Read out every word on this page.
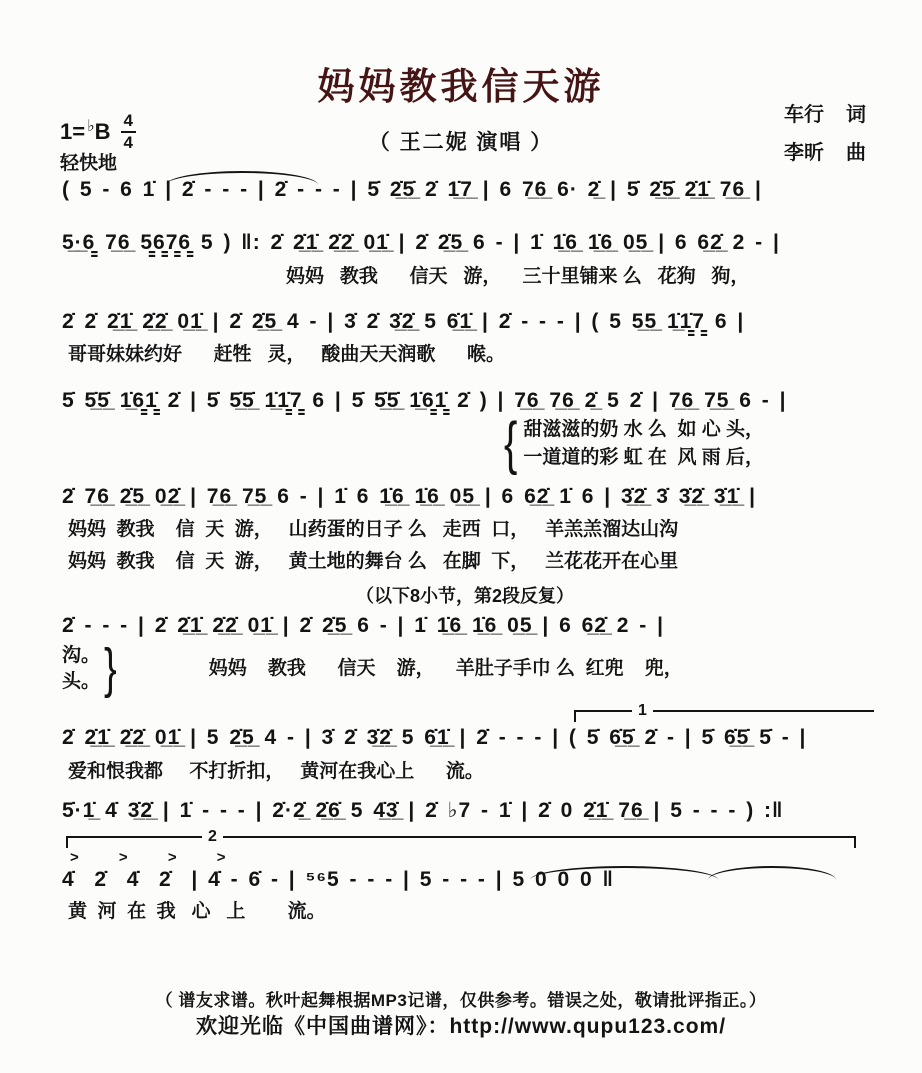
妈妈教我信天游
（ 王二妮 演唱 ）
车行 词
李昕 曲
1= ♭ B $\frac{4}{4}$
轻快地

( 5 - 6 1̇ | 2̇ - - - | 2̇ - - - | 5̇ 2̲̇5̲̇ 2̇ 1̲̇7̲ | 6 7̲6̲ 6· 2̲̇ | 5̇ 2̲̇5̲̇ 2̲̇1̲̇ 7̲6̲ |

5̲·̲6̳ 7̲6̲ 5̳6̳7̳6̳ 5 ) ‖: 2̇ 2̲̇1̲̇ 2̲̇2̲̇ 0̲1̲̇ | 2̇ 2̲̇5̲ 6 - | 1̇ 1̲̇6̲ 1̲̇6̲ 0̲5̲ | 6 6̲2̲̇ 2 - |

妈妈   教我      信天   游，    三十里铺来 么   花狗   狗，

2̇ 2̇ 2̲̇1̲̇ 2̲̇2̲̇ 0̲1̲̇ | 2̇ 2̲̇5̲ 4 - | 3̇ 2̇ 3̲̇2̲̇ 5 6̲̇1̲̇ | 2̇ - - - | ( 5 5̲5̲ 1̲̇1̳̇7̳ 6 |

哥哥妹妹约好      赶牲   灵，   酸曲天天润歌      喉。

5̇ 5̲̇5̲̇ 1̲̇6̳1̳̇ 2̇ | 5̇ 5̲̇5̲̇ 1̲̇1̳̇7̳ 6 | 5̇ 5̲̇5̲̇ 1̲̇6̳1̳̇ 2̇ ) | 7̲6̲ 7̲6̲ 2̲̇ 5 2̇ | 7̲6̲ 7̲5̲ 6 - |

{ 甜滋滋的奶 水 么  如 心 头，

一道道的彩 虹 在  风 雨 后，

2̇ 7̲6̲ 2̲̇5̲ 0̲2̲̇ | 7̲6̲ 7̲5̲ 6 - | 1̇ 6 1̲̇6̲ 1̲̇6̲ 0̲5̲ | 6 6̲2̲̇ 1̇ 6 | 3̲̇2̲̇ 3̇ 3̲̇2̲̇ 3̲̇1̲̇ |

妈妈  教我    信  天  游，   山药蛋的日子 么   走西  口，   羊羔羔溜达山沟

妈妈  教我    信  天  游，   黄土地的舞台 么   在脚  下，   兰花花开在心里

（以下8小节，第2段反复）

2̇ - - - | 2̇ 2̲̇1̲̇ 2̲̇2̲̇ 0̲1̲̇ | 2̇ 2̲̇5̲ 6 - | 1̇ 1̲̇6̲ 1̲̇6̲ 0̲5̲ | 6 6̲2̲̇ 2 - |

沟。
头。 }	妈妈    教我      信天    游，    羊肚子手巾 么  红兜    兜，

1

2̇ 2̲̇1̲̇ 2̲̇2̲̇ 0̲1̲̇ | 5 2̲̇5̲ 4 - | 3̇ 2̇ 3̲̇2̲̇ 5 6̲̇1̲̇ | 2̇ - - - | ( 5̇ 6̲̇5̲̇ 2̇ - | 5̇ 6̲̇5̲̇ 5̇ - |

爱和恨我都     不打折扣，   黄河在我心上      流。

5̇·1̲̇ 4̇ 3̲̇2̲̇ | 1̇ - - - | 2̇·2̲̇ 2̲̇6̲̇ 5 4̲̇3̲̇ | 2̇ ♭7 - 1̇ | 2̇ 0 2̲̇1̲̇ 7̲6̲ | 5 - - - ) :‖

2
> > > >

4̇  2̇  4̇  2̇  | 4̇ - 6̇ - | ⁵⁶5 - - - | 5 - - - | 5 0 0 0 ‖

黄  河  在  我   心   上        流。

（ 谱友求谱。秋叶起舞根据MP3记谱，仅供参考。错误之处，敬请批评指正。）
欢迎光临《中国曲谱网》：http://www.qupu123.com/
